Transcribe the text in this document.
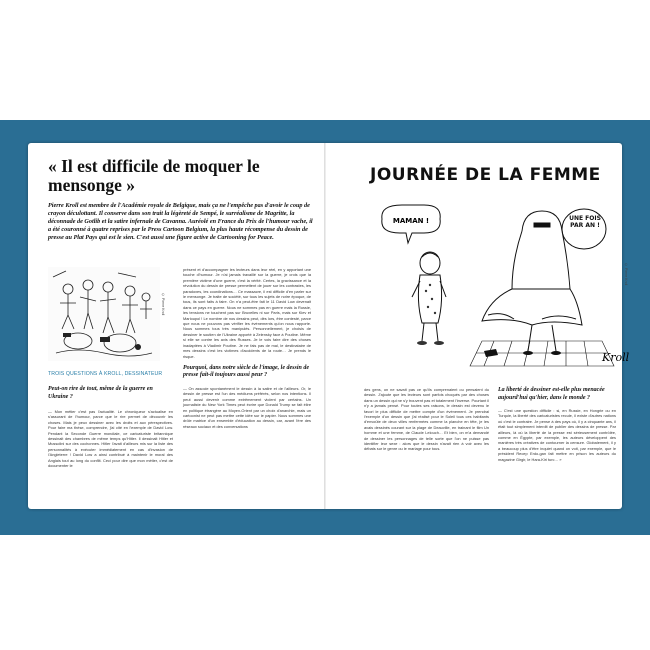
« Il est difficile de moquer le mensonge »
Pierre Kroll est membre de l'Académie royale de Belgique, mais ça ne l'empêche pas d'avoir le coup de crayon déculottant. Il conserve dans son trait la légèreté de Sempé, le surréalisme de Magritte, la déconnade de Gotlib et la satire infernale de Cavanna. Auréolé en France du Prix de l'humour vache, il a été couronné à quatre reprises par le Press Cartoon Belgium, la plus haute récompense du dessin de presse au Plat Pays qui est le sien. C'est aussi une figure active de Cartooning for Peace.
© Pierre Kroll
TROIS QUESTIONS À KROLL, DESSINATEUR
Peut-on rire de tout, même de la guerre en Ukraine ?
— Mon métier c'est pas l'actualité. Le chroniqueur s'actualise en s'assurant de l'humour, parce que le rire permet de découvrir les choses. Mais je peux dessiner avec les droits et aux pèrespectives. Pour faire ma thèse, comprendre, j'ai cité en l'exemple de David Low. Pendant la Seconde Guerre mondiale, ce caricaturiste britannique dessinait des chambres de même temps qu'Hitler. Il dessinait Hitler et Mussolini sur des cochonnes. Hitler l'avait d'ailleurs mis sur la liste des personnalités à exécuter immédiatement en cas d'invasion de l'Angleterre ! David Low a ainsi contribué à maintenir le moral des Anglais tout au long du conflit. Ceci pour dire que mon métier, c'est de documenter le
présent et d'accompagner les lecteurs dans leur réel, en y apportant une touche d'humour. Je n'ai jamais travaillé sur la guerre, je crois que la première victime d'une guerre, c'est la vérité. Certes, la gravissance et la révolution du dessin de presse permettent de jouer sur les contrastes, les paradoxes, les coordinations… Ce massacre, il est difficile d'en parler sur le mensonge. Je traite de société, sur tous les sujets de notre époque, de tous, ils sont faits à faire. On n'a peut-être fait le 11 David Low devenait dans ce pays en guerre. Nous ne sommes pas en guerre mais la Russie, les tensions ne touchent pas sur Bruxelles ni sur Paris, mais sur Kiev et Marioupol ! Le nombre de nos dessins peut, dès lors, être contesté, parce que nous ne pouvons pas vérifier les événements qu'on nous rapporte. Nous sommes tous très manipulés. Personnellement, je choisis de dessiner le soutien de l'Ukraine apporté à Zelensky face à Poutine. Même si elle se contre les avis des Russes. Je le vois faire dire des choses inadaptées à Vladimir Poutine. Je ne fais pas de mal, le destinataire de mes dessins c'est les victimes d'accidents de la route… Je prends le risque.
Pourquoi, dans notre siècle de l'image, le dessin de presse fait-il toujours aussi peur ?
— On associe spontanément le dessin à la satire et de l'ailleurs. Or, le dessin de presse est l'un des médiums préférés, selon nos intentions. Il peut aussi devenir comme extrêmement violent par certains. Un journaliste du New York Times peut écrire que Donald Trump se fait élire en politique étrangère au Moyen-Orient par un choix d'anarchie, mais un cartoonist ne peut pas mettre cette idée sur le papier. Nous sommes une drôle matrice d'un ensemble d'éducation au dessin, car, avant l'ère des réseaux sociaux et des conversations
JOURNÉE DE LA FEMME
MAMAN !	UNE FOIS PAR AN !
Kroll
© Pierre Kroll
des gens, on ne savait pas ce qu'ils comprenaient ou pensaient du dessin. J'ajoute que les lecteurs sont parfois choqués par des choses dans un dessin qui ne s'y trouvent pas et totalement l'inverse. Pourtant il n'y a jamais pensé. Pour toutes ses raisons, le dessin est devenu le favori le plus difficile de mettre compte d'un événement. Je prendrai l'exemple d'un dessin que j'ai réalisé pour le Soleil tous ces habitants d'envoûte de deux villes renfermées comme la planche en tête, je les avais dessinés courant sur la plage de Deauville, en trainant le film Un homme et une femme, de Claude Lelouch… Et bien, on m'a demandé de dessiner les personnages de telle sorte que l'on ne puisse pas identifier leur sexe : alors que le dessin n'avait rien à voir avec les débats sur le genre ou le mariage pour tous.
La liberté de dessiner est-elle plus menacée aujourd'hui qu'hier, dans le monde ?
— C'est une question difficile : si, en Russie, en Hongrie ou en Turquie, la liberté des caricaturistes recule, il existe d'autres nations où c'est le contraire. Je pense à des pays où, il y a cinquante ans, il était tout simplement interdit de publier des dessins de presse. Par ailleurs, là où la liberté de la presse est sérieusement contrôlée, comme en Égypte, par exemple, les auteurs développent des manières très créatives de contourner la censure. Globalement, il y a beaucoup plus d'être inquiet quand on voit, par exemple, que le président Recep Erdo-gan fait mettre en prison les auteurs du magazine Girgir, le Hara-Kiri turc… »
